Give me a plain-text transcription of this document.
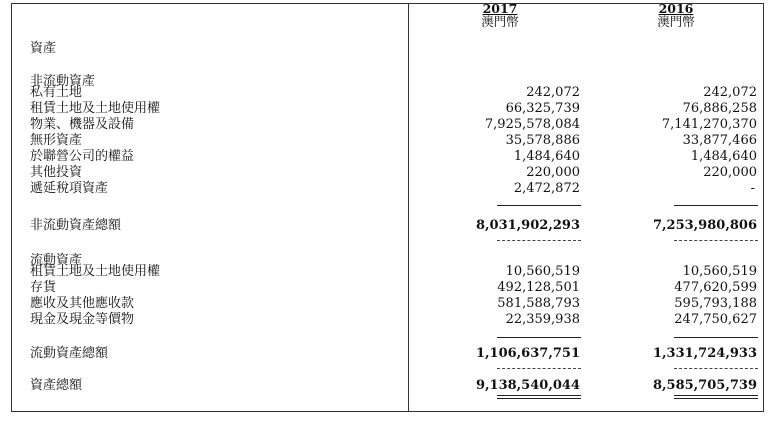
2017
澳門幣
2016
澳門幣
資產
非流動資產
私有土地	242,072	242,072
租賃土地及土地使用權	66,325,739	76,886,258
物業、機器及設備	7,925,578,084	7,141,270,370
無形資產	35,578,886	33,877,466
於聯營公司的權益	1,484,640	1,484,640
其他投資	220,000	220,000
遞延稅項資產	2,472,872	-
非流動資產總額	8,031,902,293	7,253,980,806
流動資產
租賃土地及土地使用權	10,560,519	10,560,519
存貨	492,128,501	477,620,599
應收及其他應收款	581,588,793	595,793,188
現金及現金等價物	22,359,938	247,750,627
流動資產總額	1,106,637,751	1,331,724,933
資產總額	9,138,540,044	8,585,705,739
